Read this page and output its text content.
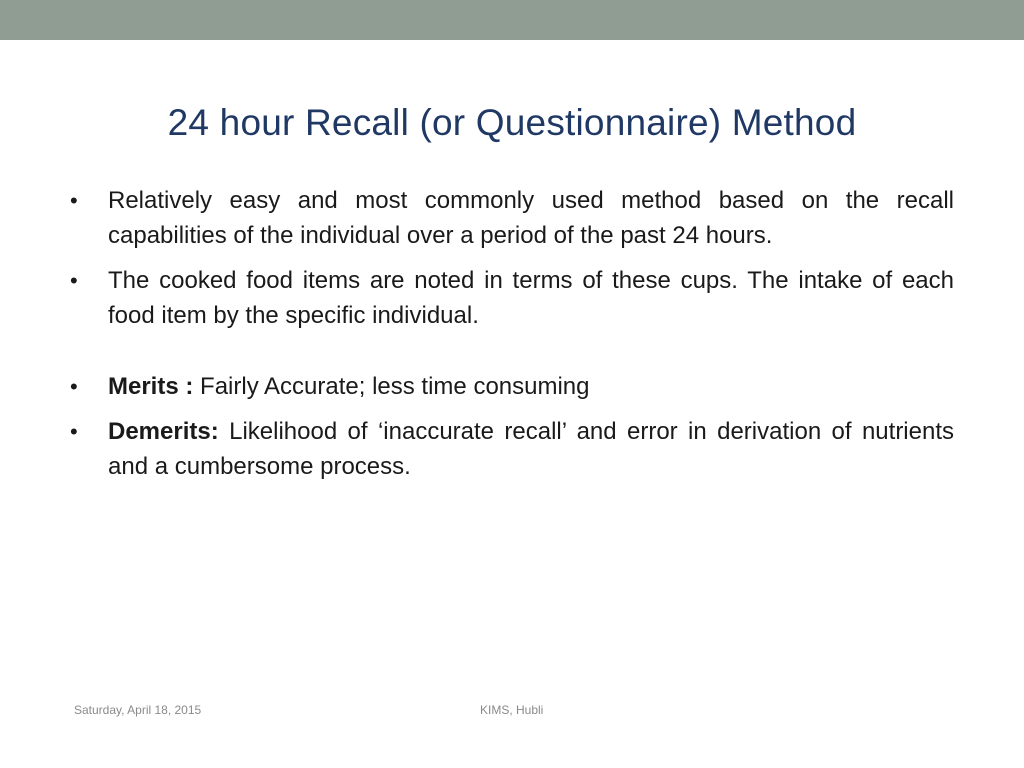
24 hour Recall (or Questionnaire) Method
•	Relatively easy and most commonly used method based on the recall capabilities of the individual over a period of the past 24 hours.
•	The cooked food items are noted in terms of these cups. The intake of each food item by the specific individual.
•	Merits : Fairly Accurate; less time consuming
•	Demerits: Likelihood of ‘inaccurate recall’ and error in derivation of nutrients and a cumbersome process.
Saturday, April 18, 2015	KIMS, Hubli
